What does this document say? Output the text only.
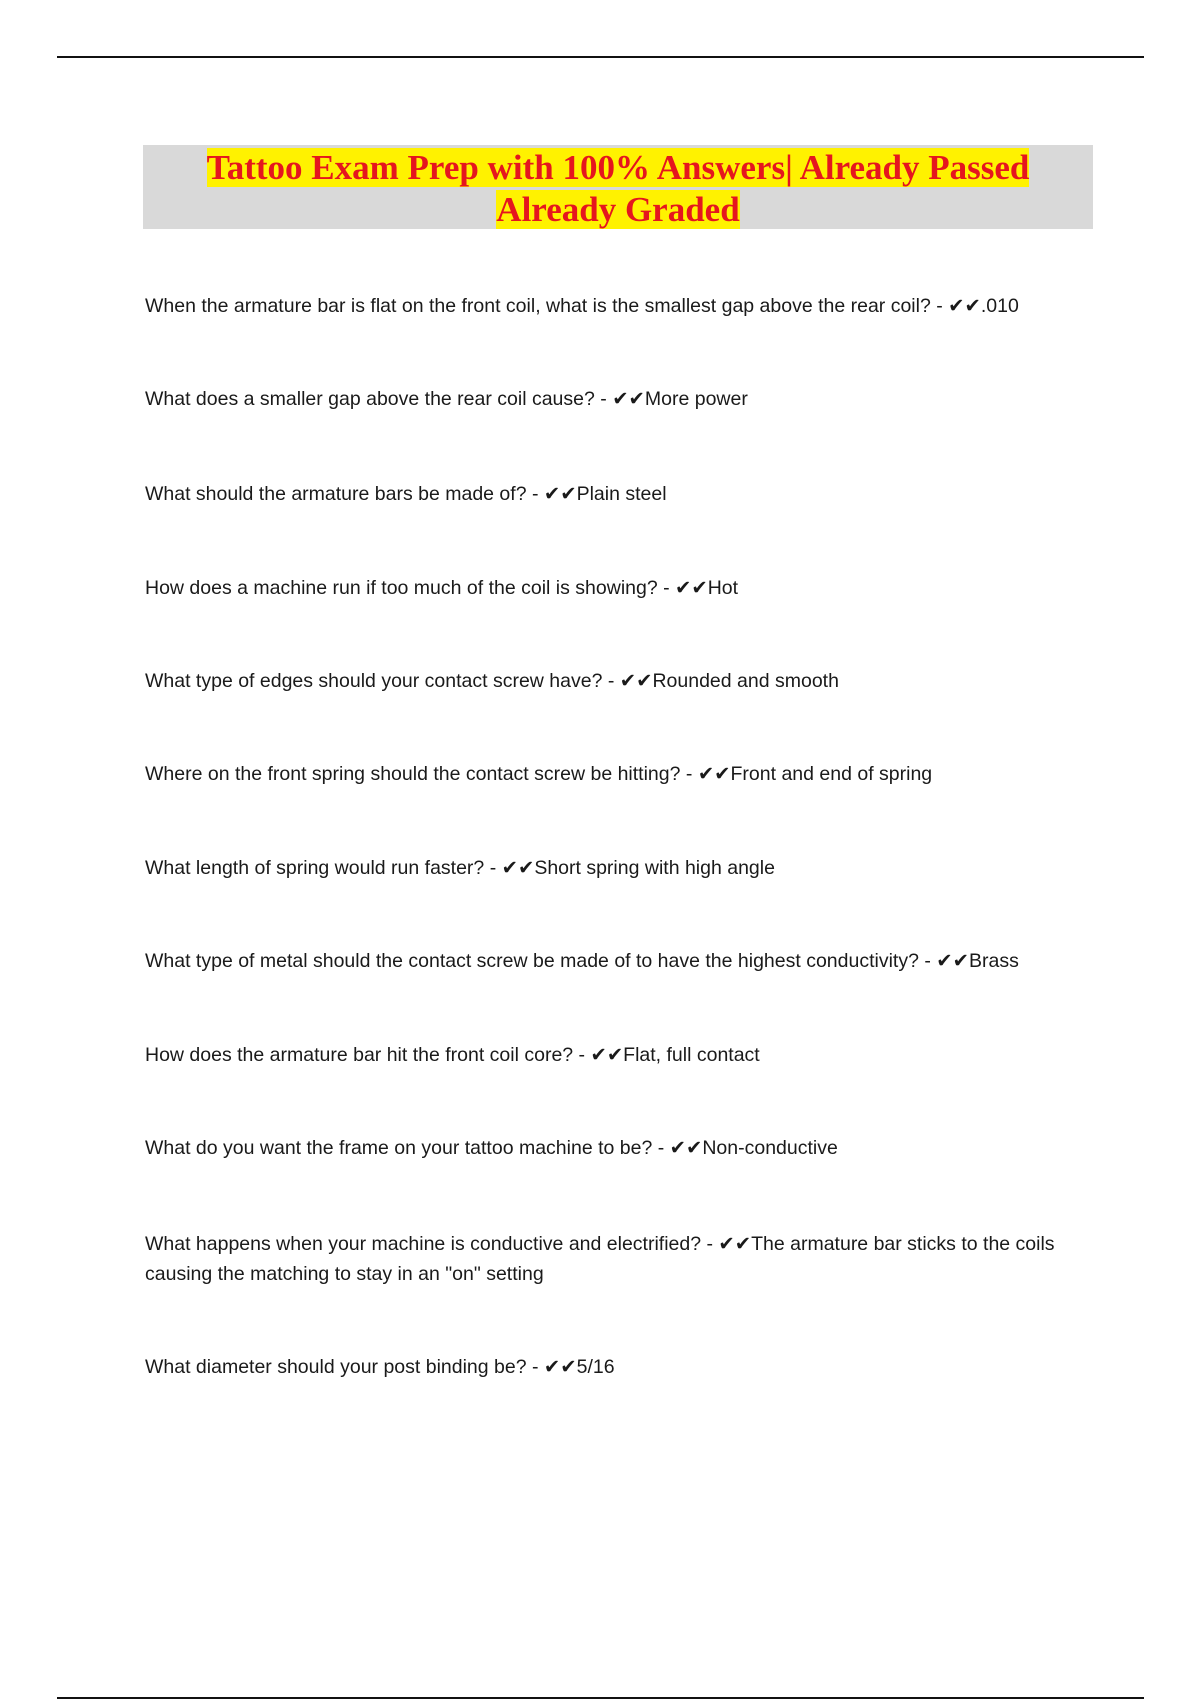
Tattoo Exam Prep with 100% Answers| Already Passed
Already Graded
When the armature bar is flat on the front coil, what is the smallest gap above the rear coil? - ✔✔.010
What does a smaller gap above the rear coil cause? - ✔✔More power
What should the armature bars be made of? - ✔✔Plain steel
How does a machine run if too much of the coil is showing? - ✔✔Hot
What type of edges should your contact screw have? - ✔✔Rounded and smooth
Where on the front spring should the contact screw be hitting? - ✔✔Front and end of spring
What length of spring would run faster? - ✔✔Short spring with high angle
What type of metal should the contact screw be made of to have the highest conductivity? - ✔✔Brass
How does the armature bar hit the front coil core? - ✔✔Flat, full contact
What do you want the frame on your tattoo machine to be? - ✔✔Non-conductive
What happens when your machine is conductive and electrified? - ✔✔The armature bar sticks to the coils causing the matching to stay in an "on" setting
What diameter should your post binding be? - ✔✔5/16
